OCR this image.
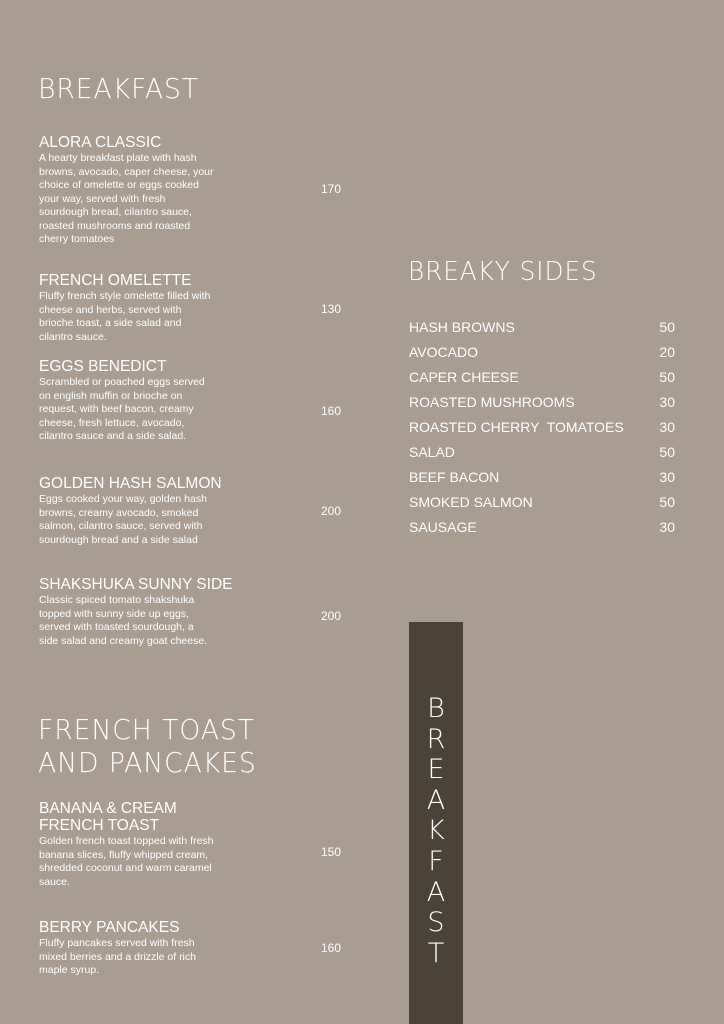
BREAKFAST
ALORA CLASSIC
A hearty breakfast plate with hash browns, avocado, caper cheese, your choice of omelette or eggs cooked your way, served with fresh sourdough bread, cilantro sauce, roasted mushrooms and roasted cherry tomatoes
170
FRENCH OMELETTE
Fluffy french style omelette filled with cheese and herbs, served with brioche toast, a side salad and cilantro sauce.
130
EGGS BENEDICT
Scrambled or poached eggs served on english muffin or brioche on request, with beef bacon, creamy cheese, fresh lettuce, avocado, cilantro sauce and a side salad.
160
GOLDEN HASH SALMON
Eggs cooked your way, golden hash browns, creamy avocado, smoked salmon, cilantro sauce, served with sourdough bread and a side salad
200
SHAKSHUKA SUNNY SIDE
Classic spiced tomato shakshuka topped with sunny side up eggs, served with toasted sourdough, a side salad and creamy goat cheese.
200
FRENCH TOAST
AND PANCAKES
BANANA & CREAM
FRENCH TOAST
Golden french toast topped with fresh banana slices, fluffy whipped cream, shredded coconut and warm caramel sauce.
150
BERRY PANCAKES
Fluffy pancakes served with fresh mixed berries and a drizzle of rich maple syrup.
160
BREAKY SIDES
HASH BROWNS	50
AVOCADO	20
CAPER CHEESE	50
ROASTED MUSHROOMS	30
ROASTED CHERRY  TOMATOES	30
SALAD	50
BEEF BACON	30
SMOKED SALMON	50
SAUSAGE	30
B
R
E
A
K
F
A
S
T
